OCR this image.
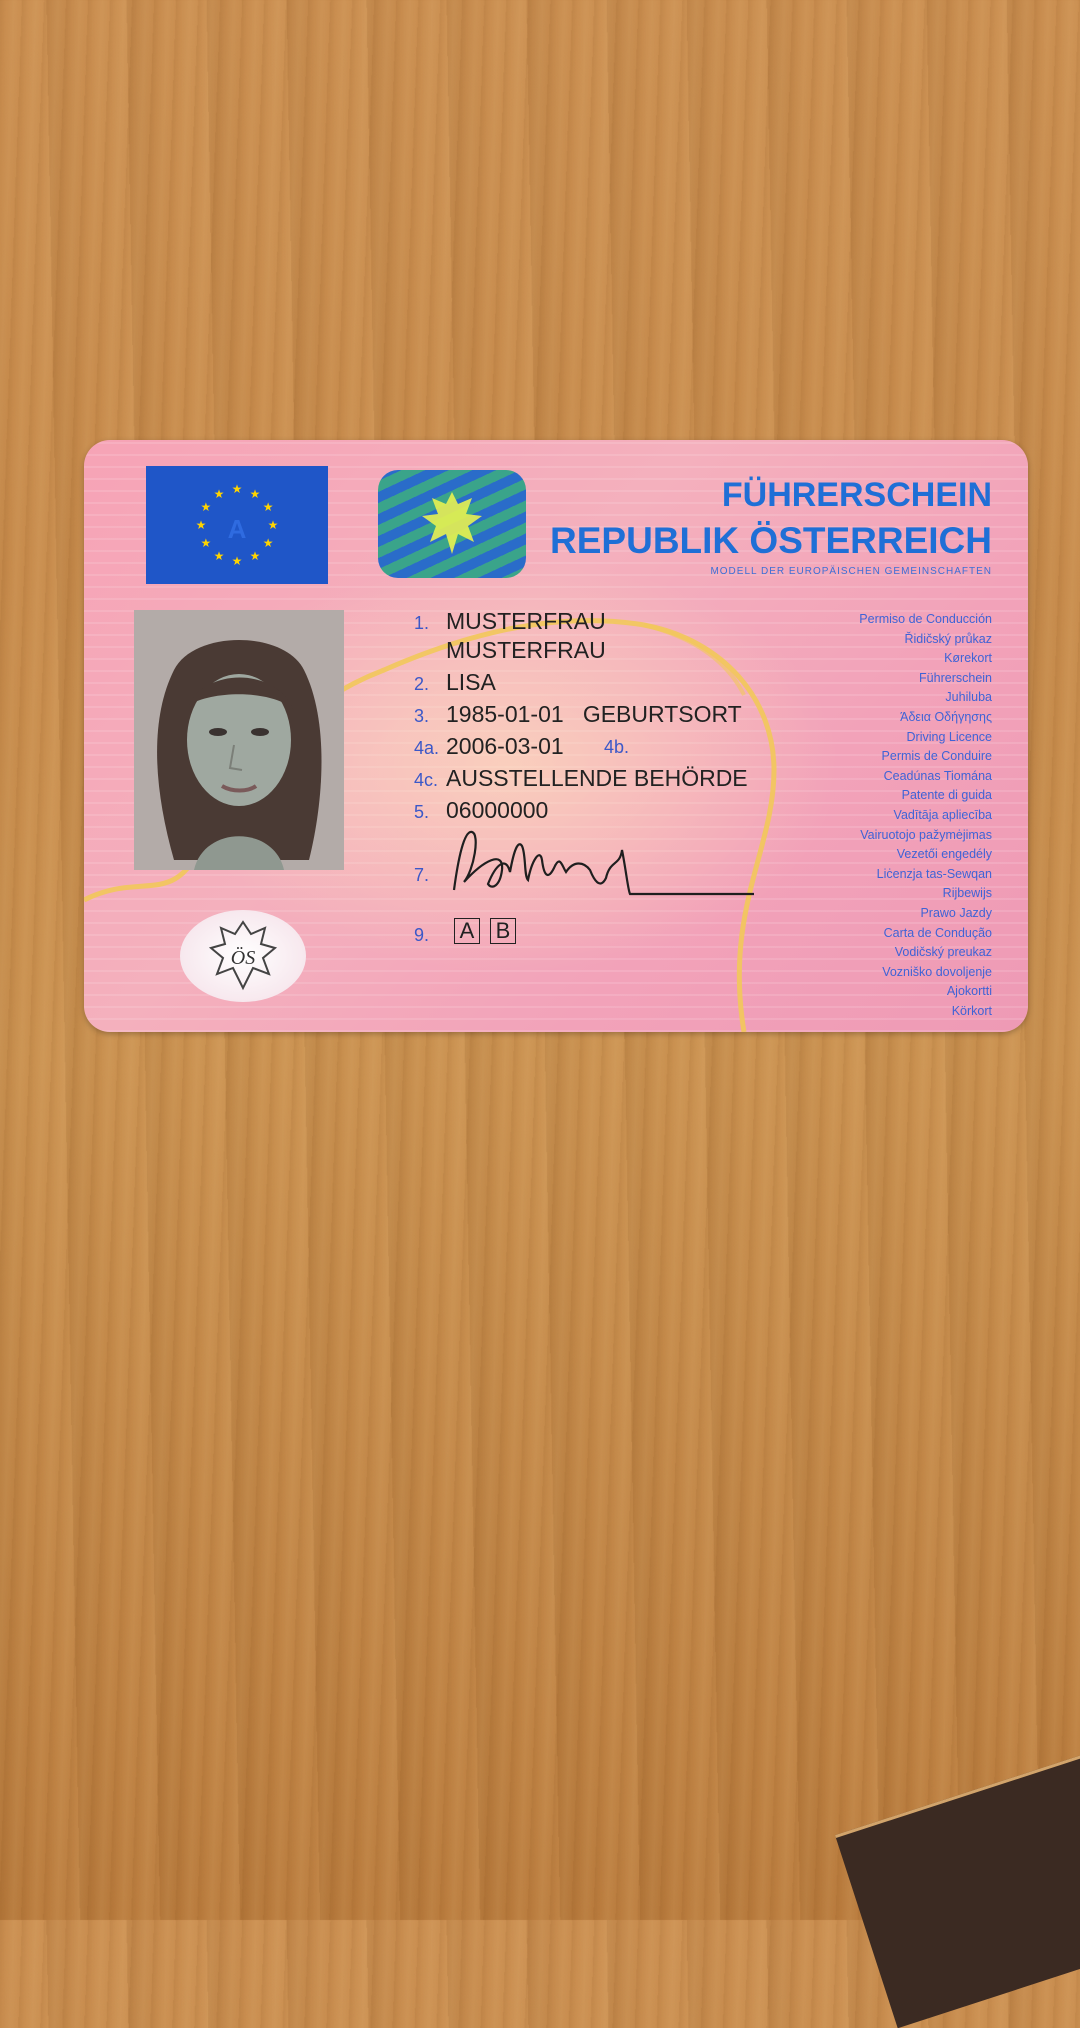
★ ★
★
★
★
★
★
★
★
★
★
★
A
FÜHRERSCHEIN
REPUBLIK ÖSTERREICH
MODELL DER EUROPÄISCHEN GEMEINSCHAFTEN
ÖS
1. MUSTERFRAU
MUSTERFRAU
2. LISA
3. 1985-01-01 GEBURTSORT
4a. 2006-03-01 4b.
4c. AUSSTELLENDE BEHÖRDE
5. 06000000
7.
9.	A B
Permiso de Conducción
Řidičský průkaz
Kørekort
Führerschein
Juhiluba
Άδεια Οδήγησης
Driving Licence
Permis de Conduire
Ceadúnas Tiomána
Patente di guida
Vadītāja apliecība
Vairuotojo pažymėjimas
Vezetői engedély
Liċenzja tas-Sewqan
Rijbewijs
Prawo Jazdy
Carta de Condução
Vodičský preukaz
Vozniško dovoljenje
Ajokortti
Körkort
